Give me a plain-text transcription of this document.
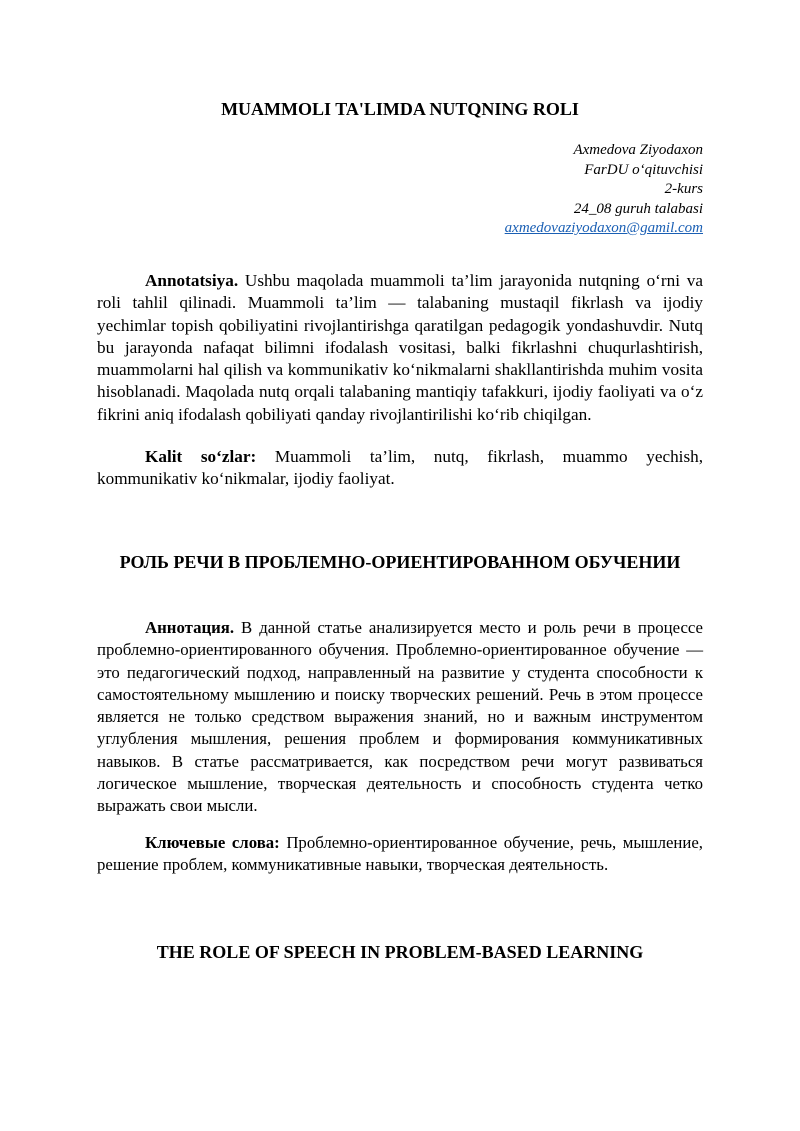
MUAMMOLI TA'LIMDA NUTQNING ROLI
Axmedova Ziyodaxon
FarDU o‘qituvchisi
2-kurs
24_08 guruh talabasi
axmedovaziyodaxon@gamil.com

Annotatsiya. Ushbu maqolada muammoli ta’lim jarayonida nutqning o‘rni va roli tahlil qilinadi. Muammoli ta’lim — talabaning mustaqil fikrlash va ijodiy yechimlar topish qobiliyatini rivojlantirishga qaratilgan pedagogik yondashuvdir. Nutq bu jarayonda nafaqat bilimni ifodalash vositasi, balki fikrlashni chuqurlashtirish, muammolarni hal qilish va kommunikativ ko‘nikmalarni shakllantirishda muhim vosita hisoblanadi. Maqolada nutq orqali talabaning mantiqiy tafakkuri, ijodiy faoliyati va o‘z fikrini aniq ifodalash qobiliyati qanday rivojlantirilishi ko‘rib chiqilgan.

Kalit so‘zlar: Muammoli ta’lim, nutq, fikrlash, muammo yechish, kommunikativ ko‘nikmalar, ijodiy faoliyat.

РОЛЬ РЕЧИ В ПРОБЛЕМНО-ОРИЕНТИРОВАННОМ ОБУЧЕНИИ

Аннотация. В данной статье анализируется место и роль речи в процессе проблемно-ориентированного обучения. Проблемно-ориентированное обучение — это педагогический подход, направленный на развитие у студента способности к самостоятельному мышлению и поиску творческих решений. Речь в этом процессе является не только средством выражения знаний, но и важным инструментом углубления мышления, решения проблем и формирования коммуникативных навыков. В статье рассматривается, как посредством речи могут развиваться логическое мышление, творческая деятельность и способность студента четко выражать свои мысли.

Ключевые слова: Проблемно-ориентированное обучение, речь, мышление, решение проблем, коммуникативные навыки, творческая деятельность.

THE ROLE OF SPEECH IN PROBLEM-BASED LEARNING
